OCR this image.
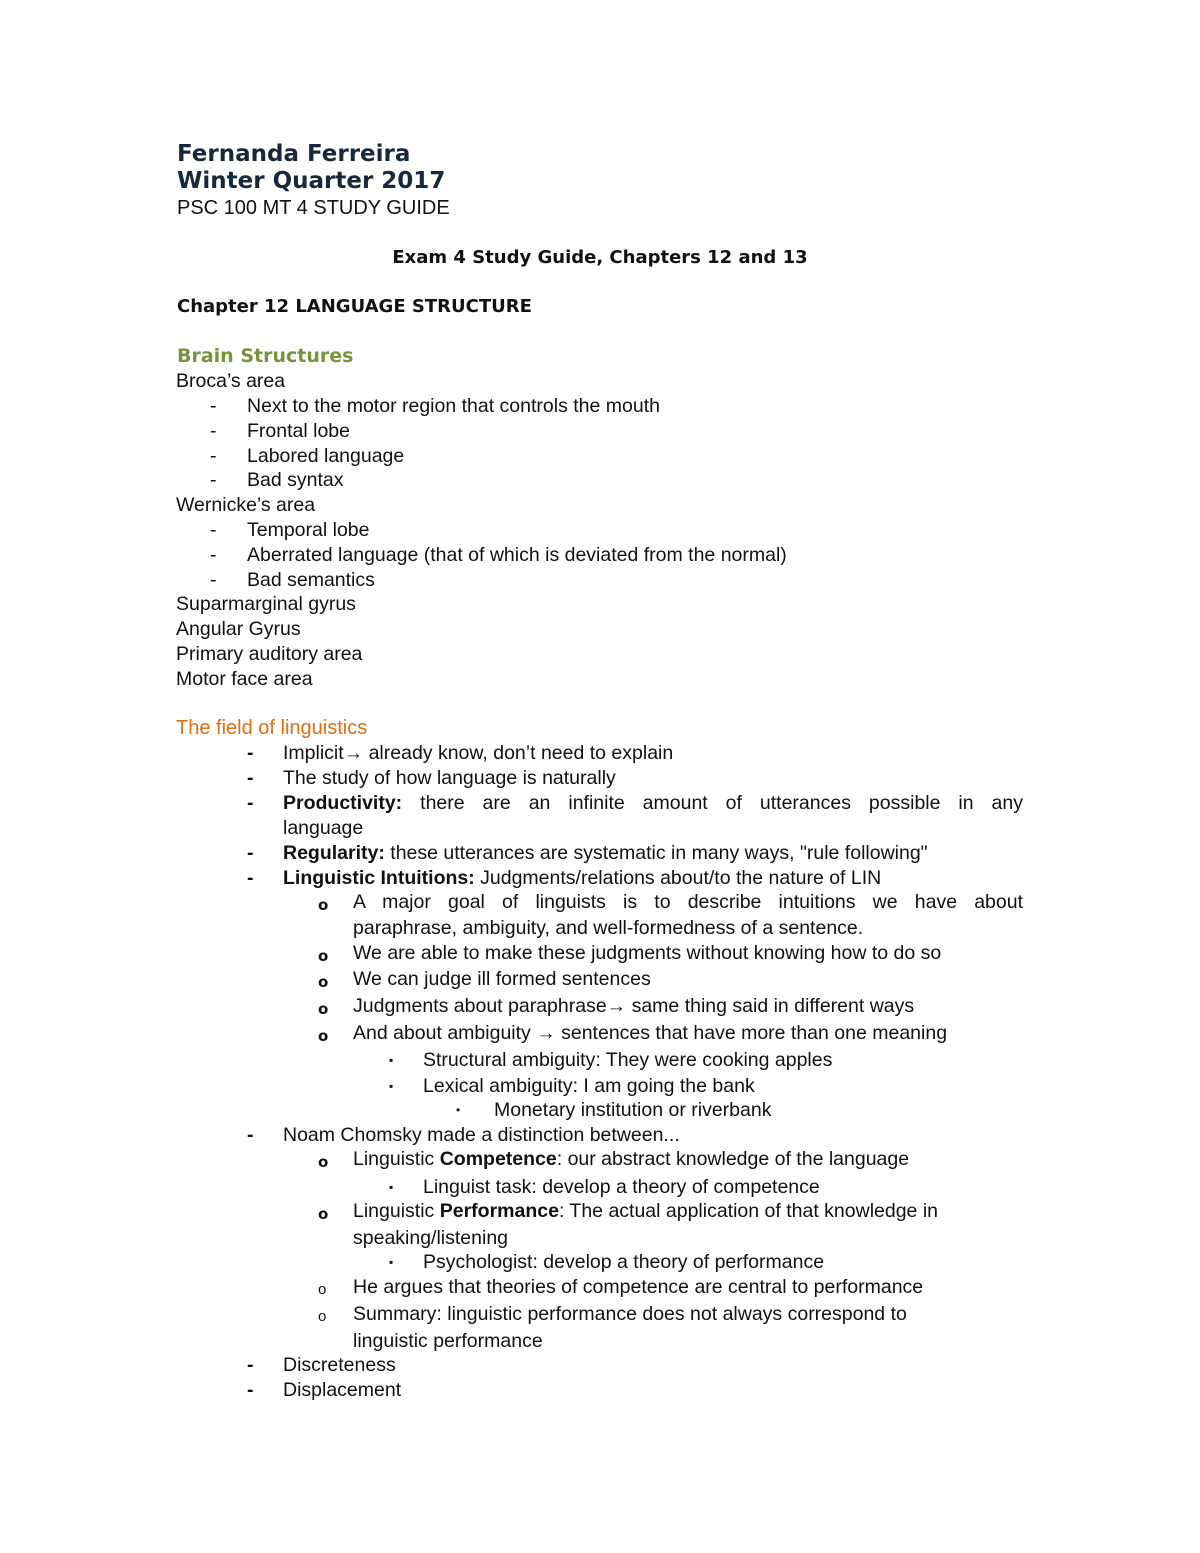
Fernanda Ferreira
Winter Quarter 2017
PSC 100 MT 4 STUDY GUIDE
Exam 4 Study Guide, Chapters 12 and 13
Chapter 12 LANGUAGE STRUCTURE
Brain Structures
Broca’s area
- Next to the motor region that controls the mouth
- Frontal lobe
- Labored language
- Bad syntax
Wernicke’s area
- Temporal lobe
- Aberrated language (that of which is deviated from the normal)
- Bad semantics
Suparmarginal gyrus
Angular Gyrus
Primary auditory area
Motor face area
The field of linguistics
- Implicit→ already know, don’t need to explain
- The study of how language is naturally
- Productivity: there are an infinite amount of utterances possible in any
language
- Regularity: these utterances are systematic in many ways, "rule following"
- Linguistic Intuitions: Judgments/relations about/to the nature of LIN
o A major goal of linguists is to describe intuitions we have about
paraphrase, ambiguity, and well-formedness of a sentence.
o We are able to make these judgments without knowing how to do so
o We can judge ill formed sentences
o Judgments about paraphrase→ same thing said in different ways
o And about ambiguity → sentences that have more than one meaning
▪ Structural ambiguity: They were cooking apples
▪ Lexical ambiguity: I am going the bank
• Monetary institution or riverbank
- Noam Chomsky made a distinction between...
o Linguistic Competence: our abstract knowledge of the language
▪ Linguist task: develop a theory of competence
o Linguistic Performance: The actual application of that knowledge in
speaking/listening
▪ Psychologist: develop a theory of performance
He argues that theories of competence are central to performance
o
o Summary: linguistic performance does not always correspond to
linguistic performance
- Discreteness
- Displacement
